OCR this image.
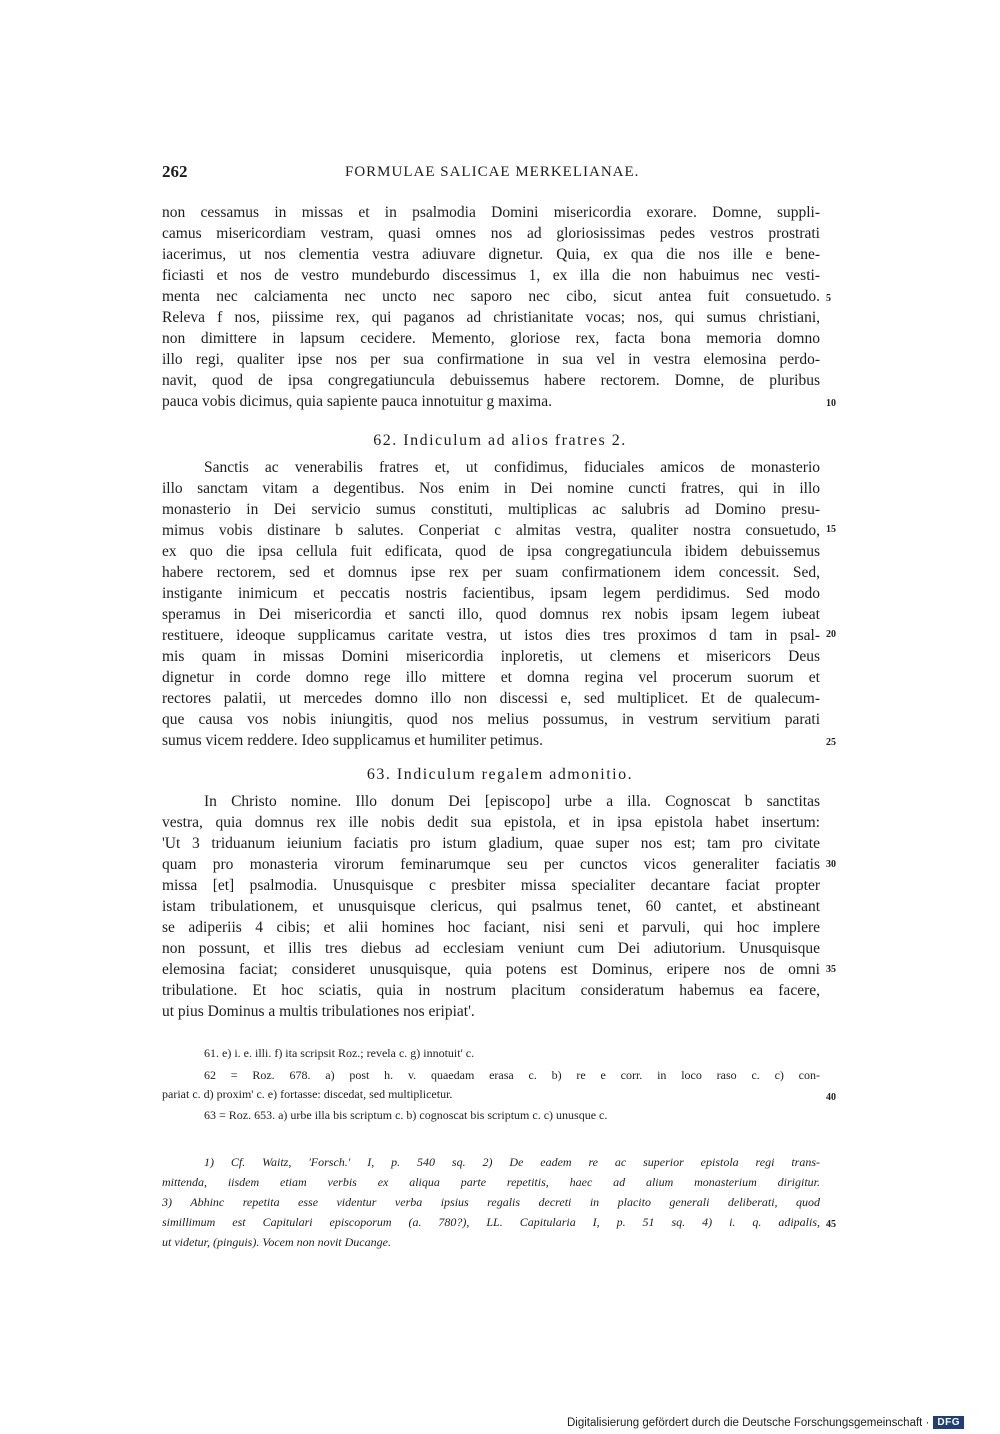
262	FORMULAE SALICAE MERKELIANAE.
non cessamus in missas et in psalmodia Domini misericordia exorare. Domne, suppli-
camus misericordiam vestram, quasi omnes nos ad gloriosissimas pedes vestros prostrati
iacerimus, ut nos clementia vestra adiuvare dignetur. Quia, ex qua die nos ille e bene-
ficiasti et nos de vestro mundeburdo discessimus 1, ex illa die non habuimus nec vesti-
menta nec calciamenta nec uncto nec saporo nec cibo, sicut antea fuit consuetudo.
Releva f nos, piissime rex, qui paganos ad christianitate vocas; nos, qui sumus christiani,
non dimittere in lapsum cecidere. Memento, gloriose rex, facta bona memoria domno
illo regi, qualiter ipse nos per sua confirmatione in sua vel in vestra elemosina perdo-
navit, quod de ipsa congregatiuncula debuissemus habere rectorem. Domne, de pluribus
pauca vobis dicimus, quia sapiente pauca innotuitur g maxima.
5
10
62. Indiculum ad alios fratres 2.
Sanctis ac venerabilis fratres et, ut confidimus, fiduciales amicos de monasterio
illo sanctam vitam a degentibus. Nos enim in Dei nomine cuncti fratres, qui in illo
monasterio in Dei servicio sumus constituti, multiplicas ac salubris ad Domino presu-
mimus vobis distinare b salutes. Conperiat c almitas vestra, qualiter nostra consuetudo,
ex quo die ipsa cellula fuit edificata, quod de ipsa congregatiuncula ibidem debuissemus
habere rectorem, sed et domnus ipse rex per suam confirmationem idem concessit. Sed,
instigante inimicum et peccatis nostris facientibus, ipsam legem perdidimus. Sed modo
speramus in Dei misericordia et sancti illo, quod domnus rex nobis ipsam legem iubeat
restituere, ideoque supplicamus caritate vestra, ut istos dies tres proximos d tam in psal-
mis quam in missas Domini misericordia inploretis, ut clemens et misericors Deus
dignetur in corde domno rege illo mittere et domna regina vel procerum suorum et
rectores palatii, ut mercedes domno illo non discessi e, sed multiplicet. Et de qualecum-
que causa vos nobis iniungitis, quod nos melius possumus, in vestrum servitium parati
sumus vicem reddere. Ideo supplicamus et humiliter petimus.
15
20
25
63. Indiculum regalem admonitio.
In Christo nomine. Illo donum Dei [episcopo] urbe a illa. Cognoscat b sanctitas
vestra, quia domnus rex ille nobis dedit sua epistola, et in ipsa epistola habet insertum:
'Ut 3 triduanum ieiunium faciatis pro istum gladium, quae super nos est; tam pro civitate
quam pro monasteria virorum feminarumque seu per cunctos vicos generaliter faciatis
missa [et] psalmodia. Unusquisque c presbiter missa specialiter decantare faciat propter
istam tribulationem, et unusquisque clericus, qui psalmus tenet, 60 cantet, et abstineant
se adiperiis 4 cibis; et alii homines hoc faciant, nisi seni et parvuli, qui hoc implere
non possunt, et illis tres diebus ad ecclesiam veniunt cum Dei adiutorium. Unusquisque
elemosina faciat; consideret unusquisque, quia potens est Dominus, eripere nos de omni
tribulatione. Et hoc sciatis, quia in nostrum placitum consideratum habemus ea facere,
ut pius Dominus a multis tribulationes nos eripiat'.
30
35
61. e) i. e. illi. f) ita scripsit Roz.; revela c. g) innotuit' c.
62 = Roz. 678. a) post h. v. quaedam erasa c. b) re e corr. in loco raso c. c) con-
pariat c. d) proxim' c. e) fortasse: discedat, sed multiplicetur.
63 = Roz. 653. a) urbe illa bis scriptum c. b) cognoscat bis scriptum c. c) unusque c.
40
1) Cf. Waitz, 'Forsch.' I, p. 540 sq. 2) De eadem re ac superior epistola regi trans-
mittenda, iisdem etiam verbis ex aliqua parte repetitis, haec ad alium monasterium dirigitur.
3) Abhinc repetita esse videntur verba ipsius regalis decreti in placito generali deliberati, quod
simillimum est Capitulari episcoporum (a. 780?), LL. Capitularia I, p. 51 sq. 4) i. q. adipalis,
ut videtur, (pinguis). Vocem non novit Ducange.
45
Digitalisierung gefördert durch die Deutsche Forschungsgemeinschaft · DFG
